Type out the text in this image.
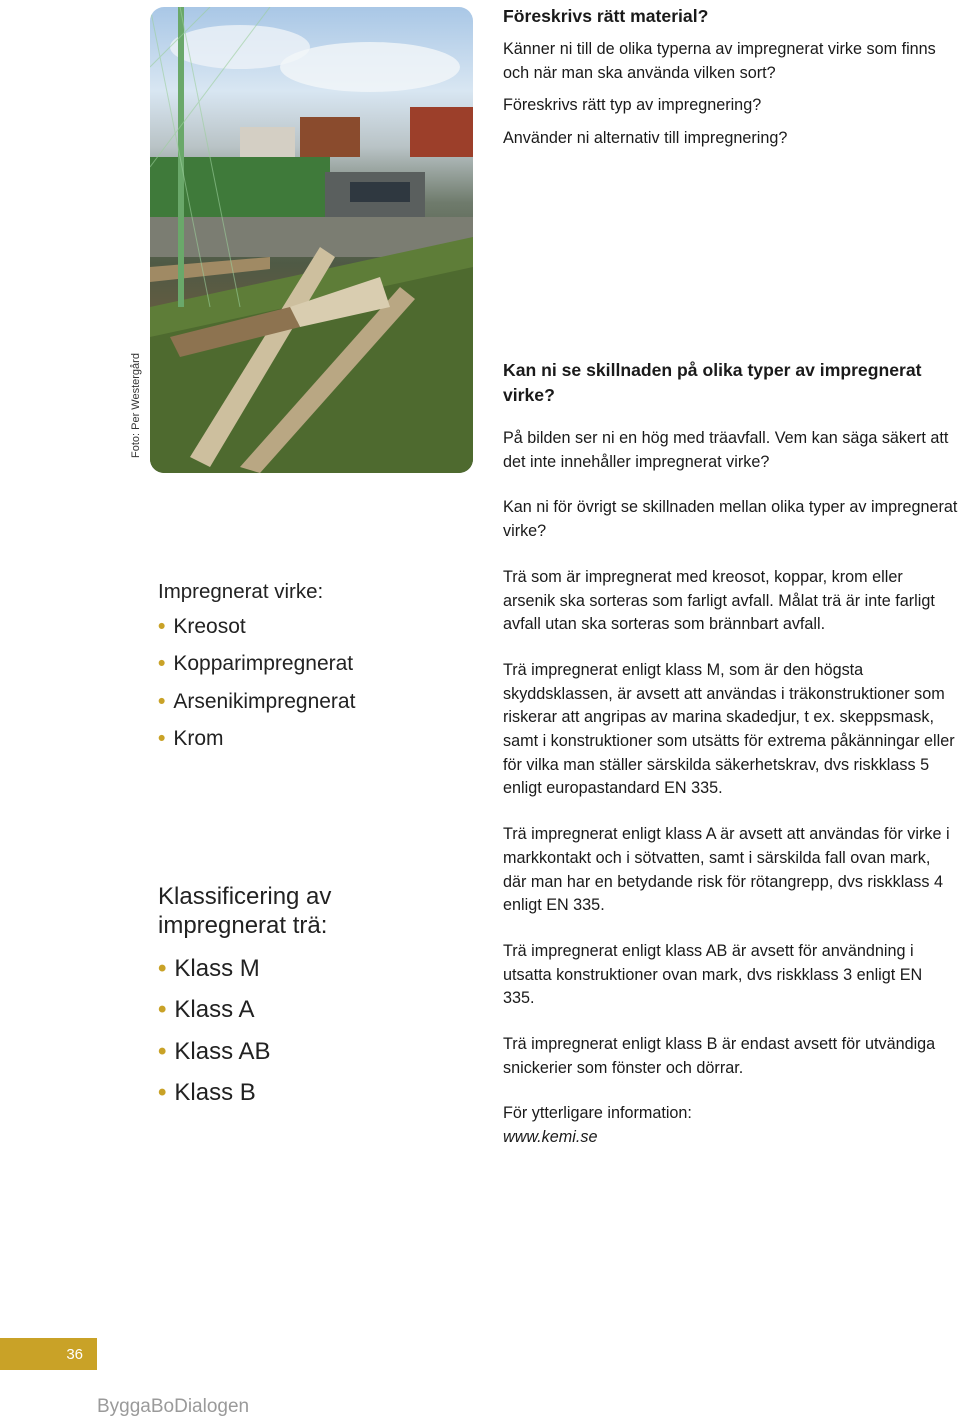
Foto: Per Westergård

Föreskrivs rätt material?

Känner ni till de olika typerna av impregnerat virke som finns och när man ska använda vilken sort?

Föreskrivs rätt typ av impregnering?

Använder ni alternativ till impregnering?

Kan ni se skillnaden på olika typer av impregnerat virke?

På bilden ser ni en hög med träavfall. Vem kan säga säkert att det inte innehåller impregnerat virke?

Kan ni för övrigt se skillnaden mellan olika typer av impregnerat virke?

Trä som är impregnerat med kreosot, koppar, krom eller arsenik ska sorteras som farligt avfall. Målat trä är inte farligt avfall utan ska sorteras som brännbart avfall.

Trä impregnerat enligt klass M, som är den högsta skyddsklassen, är avsett att användas i träkonstruktioner som riskerar att angripas av marina skadedjur, t ex. skeppsmask, samt i konstruktioner som utsätts för extrema påkänningar eller för vilka man ställer särskilda säkerhetskrav, dvs riskklass 5 enligt europastandard EN 335.

Trä impregnerat enligt klass A är avsett att användas för virke i markkontakt och i sötvatten, samt i särskilda fall ovan mark, där man har en betydande risk för rötangrepp, dvs riskklass 4 enligt EN 335.

Trä impregnerat enligt klass AB är avsett för användning i utsatta konstruktioner ovan mark, dvs riskklass 3 enligt EN 335.

Trä impregnerat enligt klass B är endast avsett för utvändiga snickerier som fönster och dörrar.

För ytterligare information:

www.kemi.se

Impregnerat virke:
• Kreosot
• Kopparimpregnerat
• Arsenikimpregnerat
• Krom
Klassificering av
impregnerat trä:
• Klass M
• Klass A
• Klass AB
• Klass B
36
ByggaBoDialogen
